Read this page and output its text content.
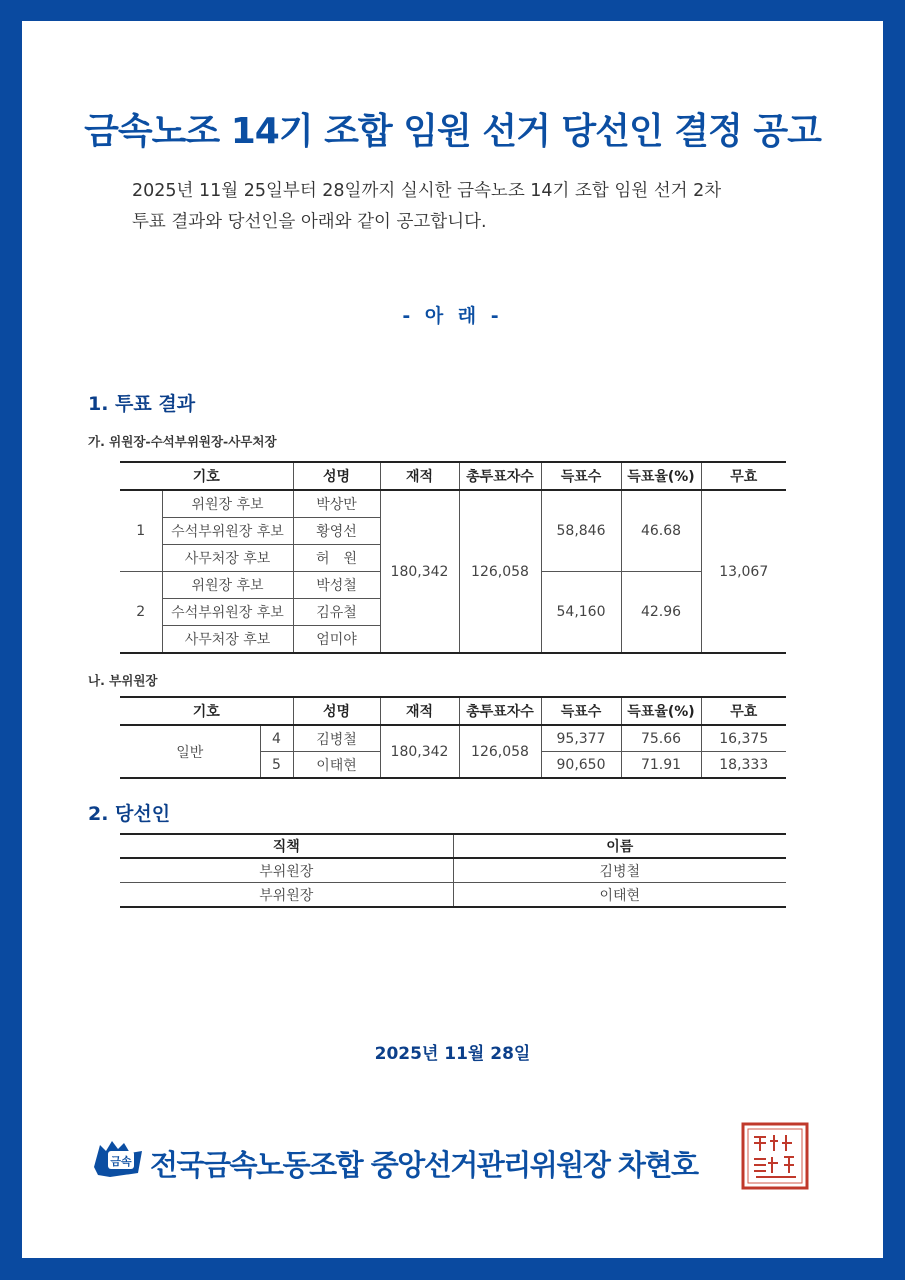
금속노조 14기 조합 임원 선거 당선인 결정 공고
2025년 11월 25일부터 28일까지 실시한 금속노조 14기 조합 임원 선거 2차
투표 결과와 당선인을 아래와 같이 공고합니다.
- 아 래 -
1. 투표 결과
가. 위원장-수석부위원장-사무처장
기호		성명	재적	총투표자수	득표수	득표율(%)	무효
1	위원장 후보	박상만	180,342	126,058	58,846	46.68	13,067
	수석부위원장 후보	황영선					
	사무처장 후보	허　원					
2	위원장 후보	박성철			54,160	42.96	
	수석부위원장 후보	김유철					
	사무처장 후보	엄미야					
나. 부위원장
기호		성명	재적	총투표자수	득표수	득표율(%)	무효
일반	4	김병철	180,342	126,058	95,377	75.66	16,375
	5	이태현			90,650	71.91	18,333
2. 당선인
직책	이름
부위원장	김병철
부위원장	이태현
2025년 11월 28일
금속 전국금속노동조합 중앙선거관리위원장 차현호
